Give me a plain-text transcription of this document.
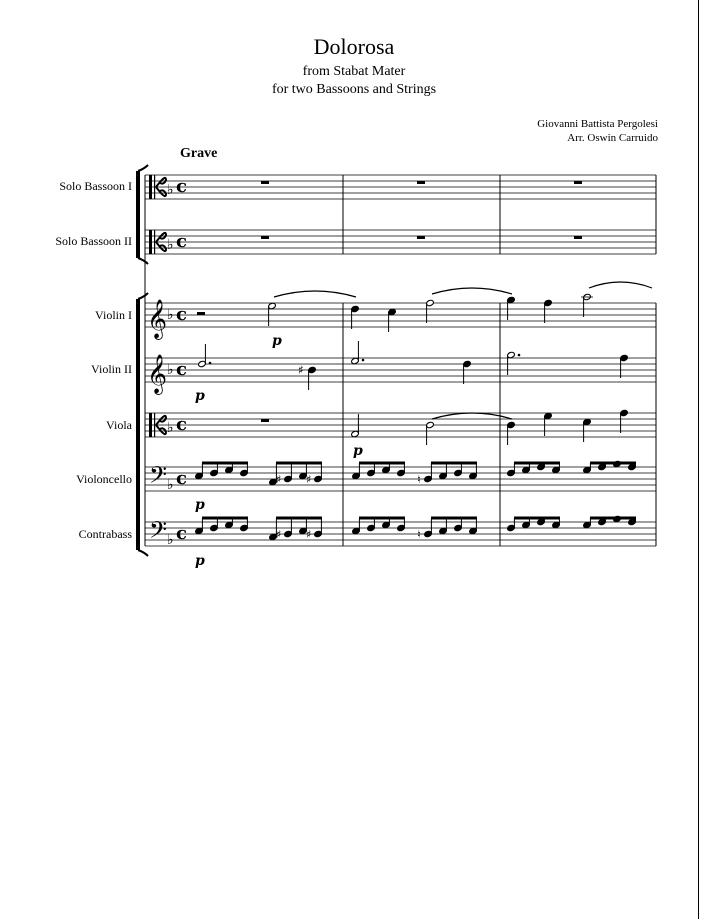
Dolorosa
from Stabat Mater
for two Bassoons and Strings
Giovanni Battista Pergolesi
Arr. Oswin Carruido
Grave
Solo Bassoon I
Solo Bassoon II
Violin I
Violin II
Viola
Violoncello
Contrabass
♭ c
♭ c
𝄞 ♭ c
𝄞 ♭ c
♭ c
𝄢 ♭ c
𝄢 ♭ c
♯
♯ ♯	♮
♯ ♯	♮
p
p
p
p
p
